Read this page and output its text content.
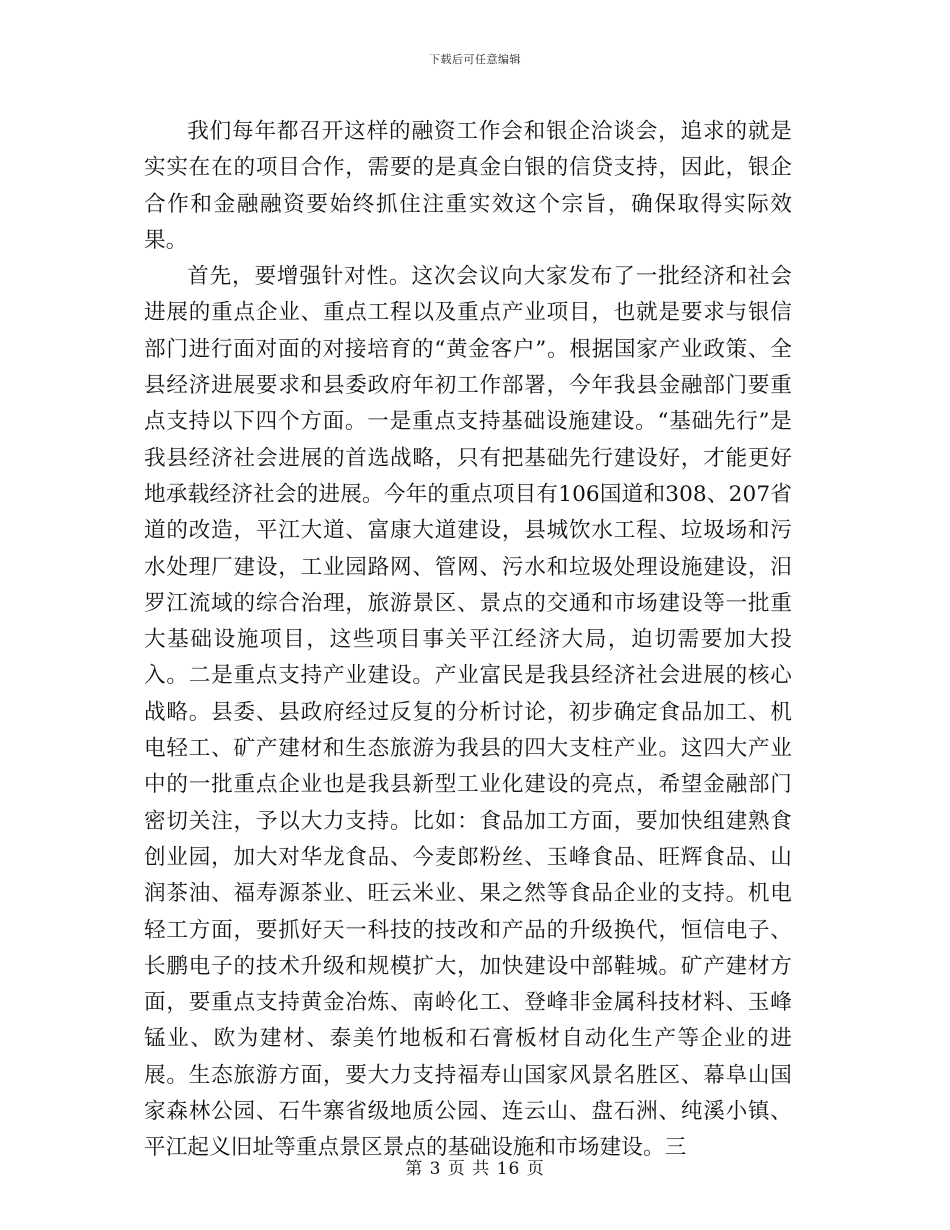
下载后可任意编辑

我们每年都召开这样的融资工作会和银企洽谈会，追求的就是实实在在的项目合作，需要的是真金白银的信贷支持，因此，银企合作和金融融资要始终抓住注重实效这个宗旨，确保取得实际效果。

首先，要增强针对性。这次会议向大家发布了一批经济和社会进展的重点企业、重点工程以及重点产业项目，也就是要求与银信部门进行面对面的对接培育的“黄金客户”。根据国家产业政策、全县经济进展要求和县委政府年初工作部署，今年我县金融部门要重点支持以下四个方面。一是重点支持基础设施建设。“基础先行”是我县经济社会进展的首选战略，只有把基础先行建设好，才能更好地承载经济社会的进展。今年的重点项目有106国道和308、207省道的改造，平江大道、富康大道建设，县城饮水工程、垃圾场和污水处理厂建设，工业园路网、管网、污水和垃圾处理设施建设，汨罗江流域的综合治理，旅游景区、景点的交通和市场建设等一批重大基础设施项目，这些项目事关平江经济大局，迫切需要加大投入。二是重点支持产业建设。产业富民是我县经济社会进展的核心战略。县委、县政府经过反复的分析讨论，初步确定食品加工、机电轻工、矿产建材和生态旅游为我县的四大支柱产业。这四大产业中的一批重点企业也是我县新型工业化建设的亮点，希望金融部门密切关注，予以大力支持。比如：食品加工方面，要加快组建熟食创业园，加大对华龙食品、今麦郎粉丝、玉峰食品、旺辉食品、山润茶油、福寿源茶业、旺云米业、果之然等食品企业的支持。机电轻工方面，要抓好天一科技的技改和产品的升级换代，恒信电子、长鹏电子的技术升级和规模扩大，加快建设中部鞋城。矿产建材方面，要重点支持黄金冶炼、南岭化工、登峰非金属科技材料、玉峰锰业、欧为建材、泰美竹地板和石膏板材自动化生产等企业的进展。生态旅游方面，要大力支持福寿山国家风景名胜区、幕阜山国家森林公园、石牛寨省级地质公园、连云山、盘石洲、纯溪小镇、平江起义旧址等重点景区景点的基础设施和市场建设。三

第 3 页 共 16 页
